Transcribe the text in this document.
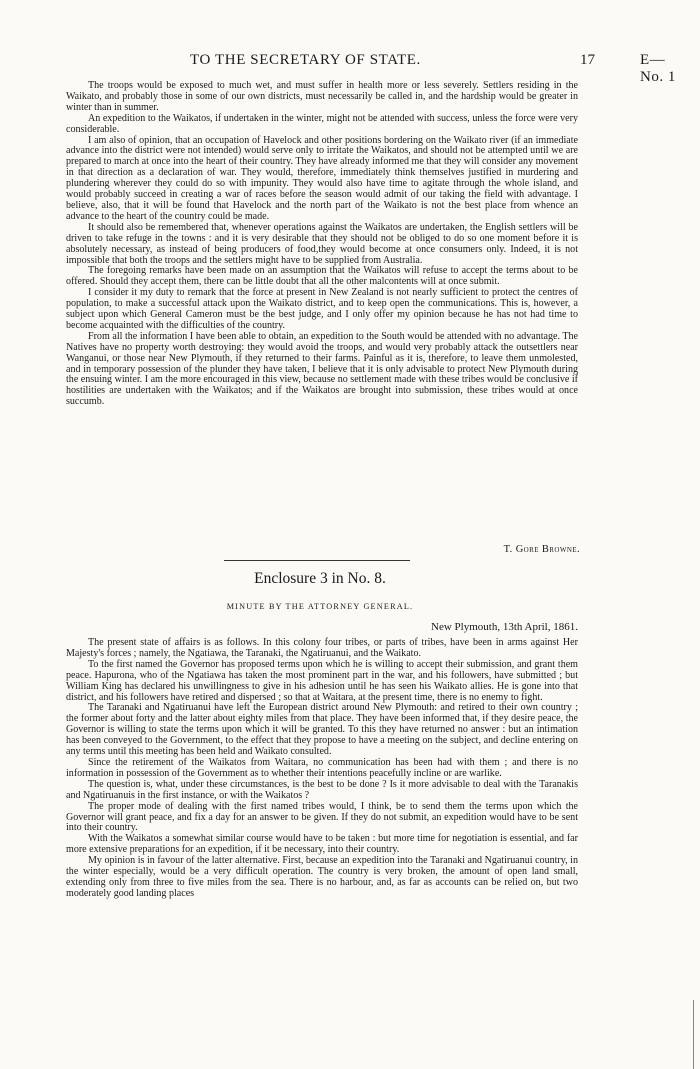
TO THE SECRETARY OF STATE.	17	E—No. 1

The troops would be exposed to much wet, and must suffer in health more or less severely. Settlers residing in the Waikato, and probably those in some of our own districts, must necessarily be called in, and the hardship would be greater in winter than in summer.

An expedition to the Waikatos, if undertaken in the winter, might not be attended with success, unless the force were very considerable.

I am also of opinion, that an occupation of Havelock and other positions bordering on the Waikato river (if an immediate advance into the district were not intended) would serve only to irritate the Waikatos, and should not be attempted until we are prepared to march at once into the heart of their country. They have already informed me that they will consider any movement in that direction as a declaration of war. They would, therefore, immediately think themselves justified in murdering and plundering wherever they could do so with impunity. They would also have time to agitate through the whole island, and would probably succeed in creating a war of races before the season would admit of our taking the field with advantage. I believe, also, that it will be found that Havelock and the north part of the Waikato is not the best place from whence an advance to the heart of the country could be made.

It should also be remembered that, whenever operations against the Waikatos are undertaken, the English settlers will be driven to take refuge in the towns : and it is very desirable that they should not be obliged to do so one moment before it is absolutely necessary, as instead of being producers of food,they would become at once consumers only. Indeed, it is not impossible that both the troops and the settlers might have to be supplied from Australia.

The foregoing remarks have been made on an assumption that the Waikatos will refuse to accept the terms about to be offered. Should they accept them, there can be little doubt that all the other malcontents will at once submit.

I consider it my duty to remark that the force at present in New Zealand is not nearly sufficient to protect the centres of population, to make a successful attack upon the Waikato district, and to keep open the communications. This is, however, a subject upon which General Cameron must be the best judge, and I only offer my opinion because he has not had time to become acquainted with the difficulties of the country.

From all the information I have been able to obtain, an expedition to the South would be attended with no advantage. The Natives have no property worth destroying: they would avoid the troops, and would very probably attack the outsettlers near Wanganui, or those near New Plymouth, if they returned to their farms. Painful as it is, therefore, to leave them unmolested, and in temporary possession of the plunder they have taken, I believe that it is only advisable to protect New Plymouth during the ensuing winter. I am the more encouraged in this view, because no settlement made with these tribes would be conclusive if hostilities are undertaken with the Waikatos; and if the Waikatos are brought into submission, these tribes would at once succumb.

T. Gore Browne.
Enclosure 3 in No. 8.
MINUTE BY THE ATTORNEY GENERAL.
New Plymouth, 13th April, 1861.

The present state of affairs is as follows. In this colony four tribes, or parts of tribes, have been in arms against Her Majesty's forces ; namely, the Ngatiawa, the Taranaki, the Ngatiruanui, and the Waikato.

To the first named the Governor has proposed terms upon which he is willing to accept their submission, and grant them peace. Hapurona, who of the Ngatiawa has taken the most prominent part in the war, and his followers, have submitted ; but William King has declared his unwillingness to give in his adhesion until he has seen his Waikato allies. He is gone into that district, and his followers have retired and dispersed ; so that at Waitara, at the present time, there is no enemy to fight.

The Taranaki and Ngatiruanui have left the European district around New Plymouth: and retired to their own country ; the former about forty and the latter about eighty miles from that place. They have been informed that, if they desire peace, the Governor is willing to state the terms upon which it will be granted. To this they have returned no answer : but an intimation has been conveyed to the Government, to the effect that they propose to have a meeting on the subject, and decline entering on any terms until this meeting has been held and Waikato consulted.

Since the retirement of the Waikatos from Waitara, no communication has been had with them ; and there is no information in possession of the Government as to whether their intentions peacefully incline or are warlike.

The question is, what, under these circumstances, is the best to be done ? Is it more advisable to deal with the Taranakis and Ngatiruanuis in the first instance, or with the Waikatos ?

The proper mode of dealing with the first named tribes would, I think, be to send them the terms upon which the Governor will grant peace, and fix a day for an answer to be given. If they do not submit, an expedition would have to be sent into their country.

With the Waikatos a somewhat similar course would have to be taken : but more time for negotiation is essential, and far more extensive preparations for an expedition, if it be necessary, into their country.

My opinion is in favour of the latter alternative. First, because an expedition into the Taranaki and Ngatiruanui country, in the winter especially, would be a very difficult operation. The country is very broken, the amount of open land small, extending only from three to five miles from the sea. There is no harbour, and, as far as accounts can be relied on, but two moderately good landing places
